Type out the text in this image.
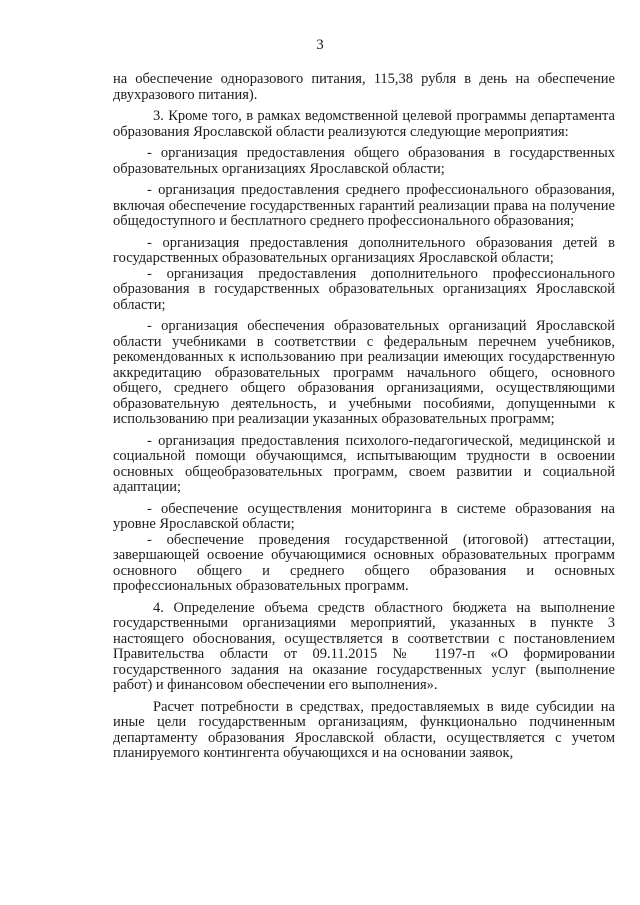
3

на обеспечение одноразового питания, 115,38 рубля в день на обеспечение двухразового питания).

3. Кроме того, в рамках ведомственной целевой программы департамента образования Ярославской области реализуются следующие мероприятия:

- организация предоставления общего образования в государственных образовательных организациях Ярославской области;

- организация предоставления среднего профессионального образования, включая обеспечение государственных гарантий реализации права на получение общедоступного и бесплатного среднего профессионального образования;

- организация предоставления дополнительного образования детей в государственных образовательных организациях Ярославской области;

- организация предоставления дополнительного профессионального образования в государственных образовательных организациях Ярославской области;

- организация обеспечения образовательных организаций Ярославской области учебниками в соответствии с федеральным перечнем учебников, рекомендованных к использованию при реализации имеющих государственную аккредитацию образовательных программ начального общего, основного общего, среднего общего образования организациями, осуществляющими образовательную деятельность, и учебными пособиями, допущенными к использованию при реализации указанных образовательных программ;

- организация предоставления психолого-педагогической, медицинской и социальной помощи обучающимся, испытывающим трудности в освоении основных общеобразовательных программ, своем развитии и социальной адаптации;

- обеспечение осуществления мониторинга в системе образования на уровне Ярославской области;

- обеспечение проведения государственной (итоговой) аттестации, завершающей освоение обучающимися основных образовательных программ основного общего и среднего общего образования и основных профессиональных образовательных программ.

4. Определение объема средств областного бюджета на выполнение государственными организациями мероприятий, указанных в пункте 3 настоящего обоснования, осуществляется в соответствии с постановлением Правительства области от 09.11.2015 № 1197-п «О формировании государственного задания на оказание государственных услуг (выполнение работ) и финансовом обеспечении его выполнения».

Расчет потребности в средствах, предоставляемых в виде субсидии на иные цели государственным организациям, функционально подчиненным департаменту образования Ярославской области, осуществляется с учетом планируемого контингента обучающихся и на основании заявок,
